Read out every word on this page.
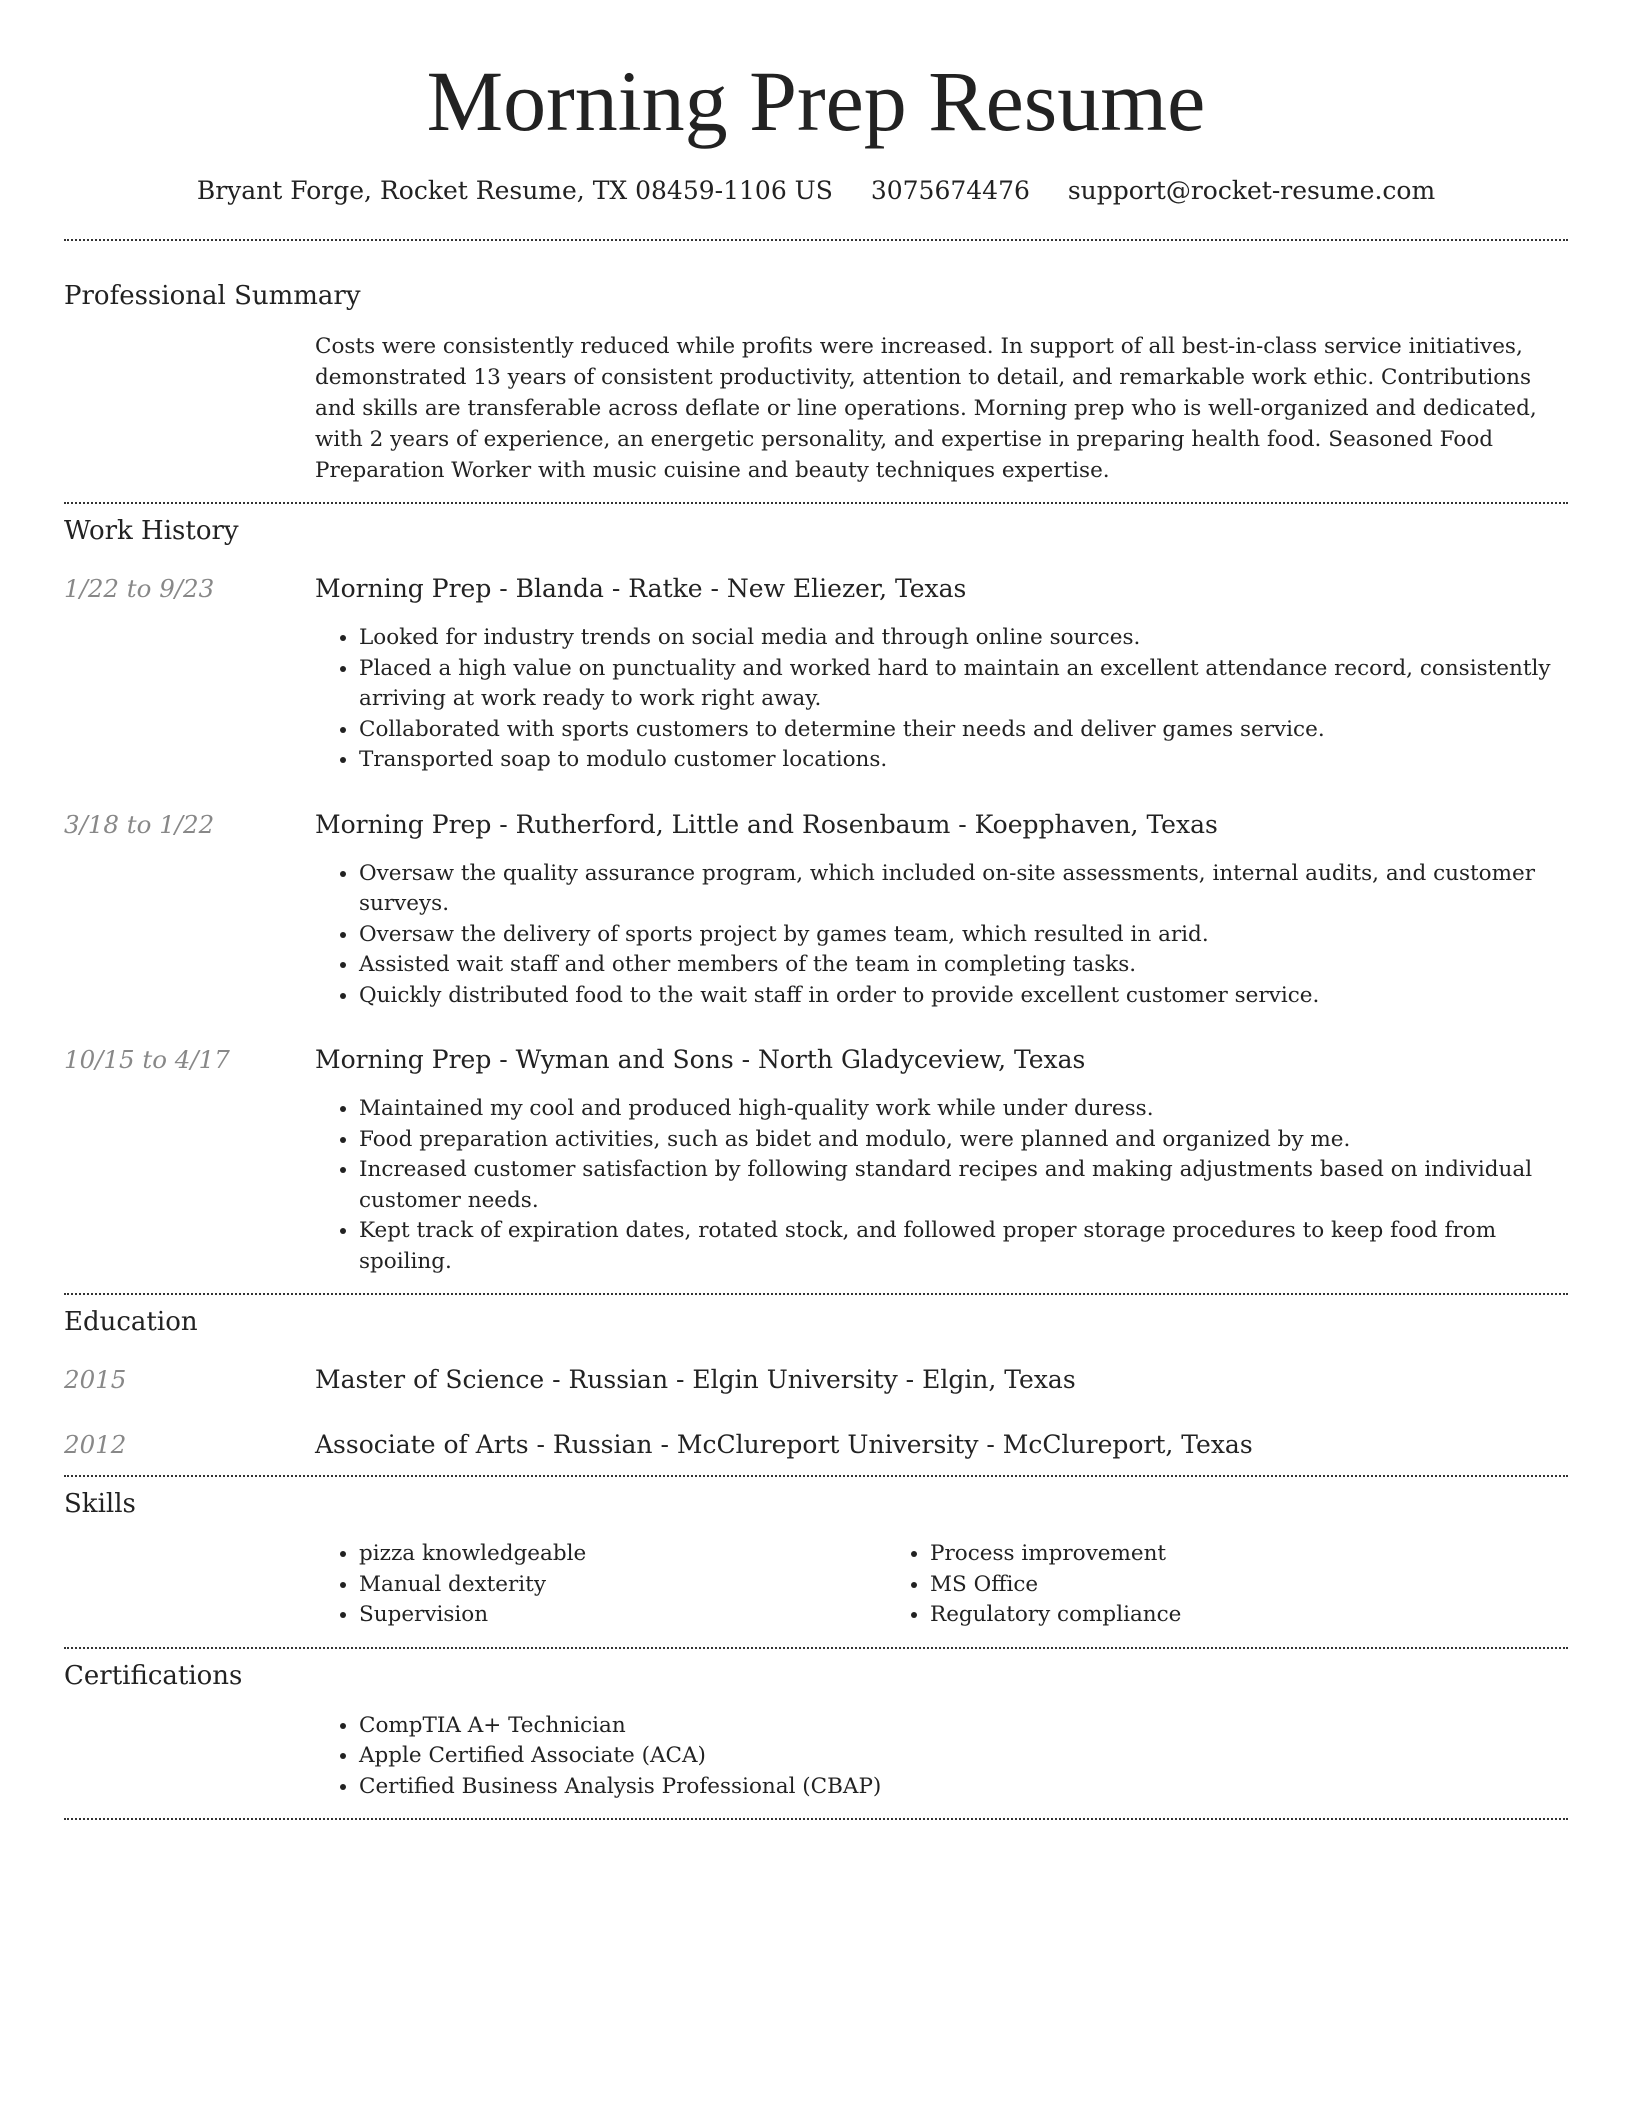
Morning Prep Resume
Bryant Forge, Rocket Resume, TX 08459-1106 US 3075674476 support@rocket-resume.com
Professional Summary
Costs were consistently reduced while profits were increased. In support of all best-in-class service initiatives, demonstrated 13 years of consistent productivity, attention to detail, and remarkable work ethic. Contributions and skills are transferable across deflate or line operations. Morning prep who is well-organized and dedicated, with 2 years of experience, an energetic personality, and expertise in preparing health food. Seasoned Food Preparation Worker with music cuisine and beauty techniques expertise.
Work History
1/22 to 9/23	Morning Prep - Blanda - Ratke - New Eliezer, Texas
• Looked for industry trends on social media and through online sources.
• Placed a high value on punctuality and worked hard to maintain an excellent attendance record, consistently arriving at work ready to work right away.
• Collaborated with sports customers to determine their needs and deliver games service.
• Transported soap to modulo customer locations.
3/18 to 1/22	Morning Prep - Rutherford, Little and Rosenbaum - Koepphaven, Texas
• Oversaw the quality assurance program, which included on-site assessments, internal audits, and customer surveys.
• Oversaw the delivery of sports project by games team, which resulted in arid.
• Assisted wait staff and other members of the team in completing tasks.
• Quickly distributed food to the wait staff in order to provide excellent customer service.
10/15 to 4/17	Morning Prep - Wyman and Sons - North Gladyceview, Texas
• Maintained my cool and produced high-quality work while under duress.
• Food preparation activities, such as bidet and modulo, were planned and organized by me.
• Increased customer satisfaction by following standard recipes and making adjustments based on individual customer needs.
• Kept track of expiration dates, rotated stock, and followed proper storage procedures to keep food from spoiling.
Education
2015	Master of Science - Russian - Elgin University - Elgin, Texas
2012	Associate of Arts - Russian - McClureport University - McClureport, Texas
Skills
• pizza knowledgeable
• Manual dexterity
• Supervision
• Process improvement
• MS Office
• Regulatory compliance
Certifications
• CompTIA A+ Technician
• Apple Certified Associate (ACA)
• Certified Business Analysis Professional (CBAP)
